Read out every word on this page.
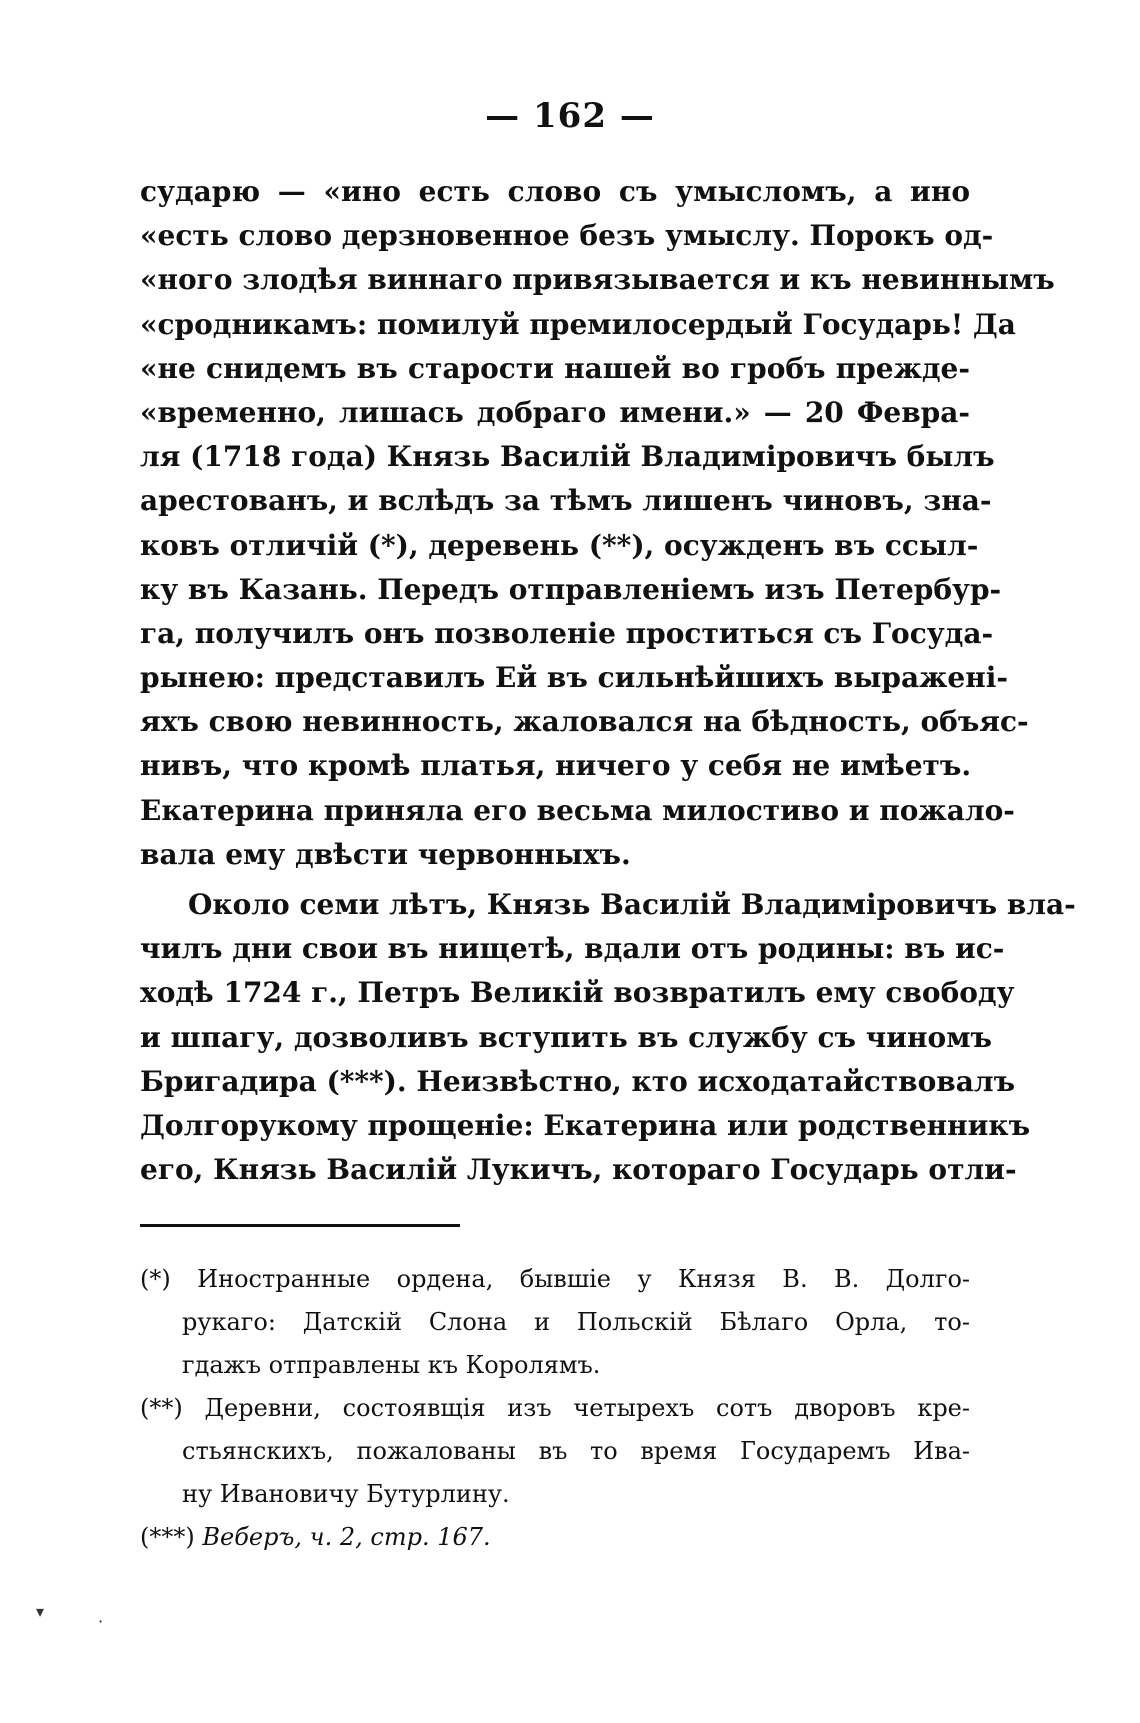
— 162 —
сударю — «ино есть слово съ умысломъ, а ино
«есть слово дерзновенное безъ умыслу. Порокъ од-
«ного злодѣя виннаго привязывается и къ невиннымъ
«сродникамъ: помилуй премилосердый Государь! Да
«не снидемъ въ старости нашей во гробъ прежде-
«временно, лишась добраго имени.» — 20 Февра-
ля (1718 года) Князь Василій Владиміровичъ былъ
арестованъ, и вслѣдъ за тѣмъ лишенъ чиновъ, зна-
ковъ отличій (*), деревень (**), осужденъ въ ссыл-
ку въ Казань. Передъ отправленіемъ изъ Петербур-
га, получилъ онъ позволеніе проститься съ Госуда-
рынею: представилъ Ей въ сильнѣйшихъ выраженi-
яхъ свою невинность, жаловался на бѣдность, объяс-
нивъ, что кромѣ платья, ничего у себя не имѣетъ.
Екатерина приняла его весьма милостиво и пожало-
вала ему двѣсти червонныхъ.
Около семи лѣтъ, Князь Василій Владиміровичъ вла-
чилъ дни свои въ нищетѣ, вдали отъ родины: въ ис-
ходѣ 1724 г., Петръ Великій возвратилъ ему свободу
и шпагу, дозволивъ вступить въ службу съ чиномъ
Бригадира (***). Неизвѣстно, кто исходатайствовалъ
Долгорукому прощеніе: Екатерина или родственникъ
его, Князь Василій Лукичъ, котораго Государь отли-
(*) Иностранные ордена, бывшіе у Князя В. В. Долго-
рукаго: Датскій Слона и Польскій Бѣлаго Орла, то-
гдажъ отправлены къ Королямъ.
(**) Деревни, состоявщія изъ четырехъ сотъ дворовъ кре-
стьянскихъ, пожалованы въ то время Государемъ Ива-
ну Ивановичу Бутурлину.
(***) Веберъ, ч. 2, стр. 167.
▾
·
